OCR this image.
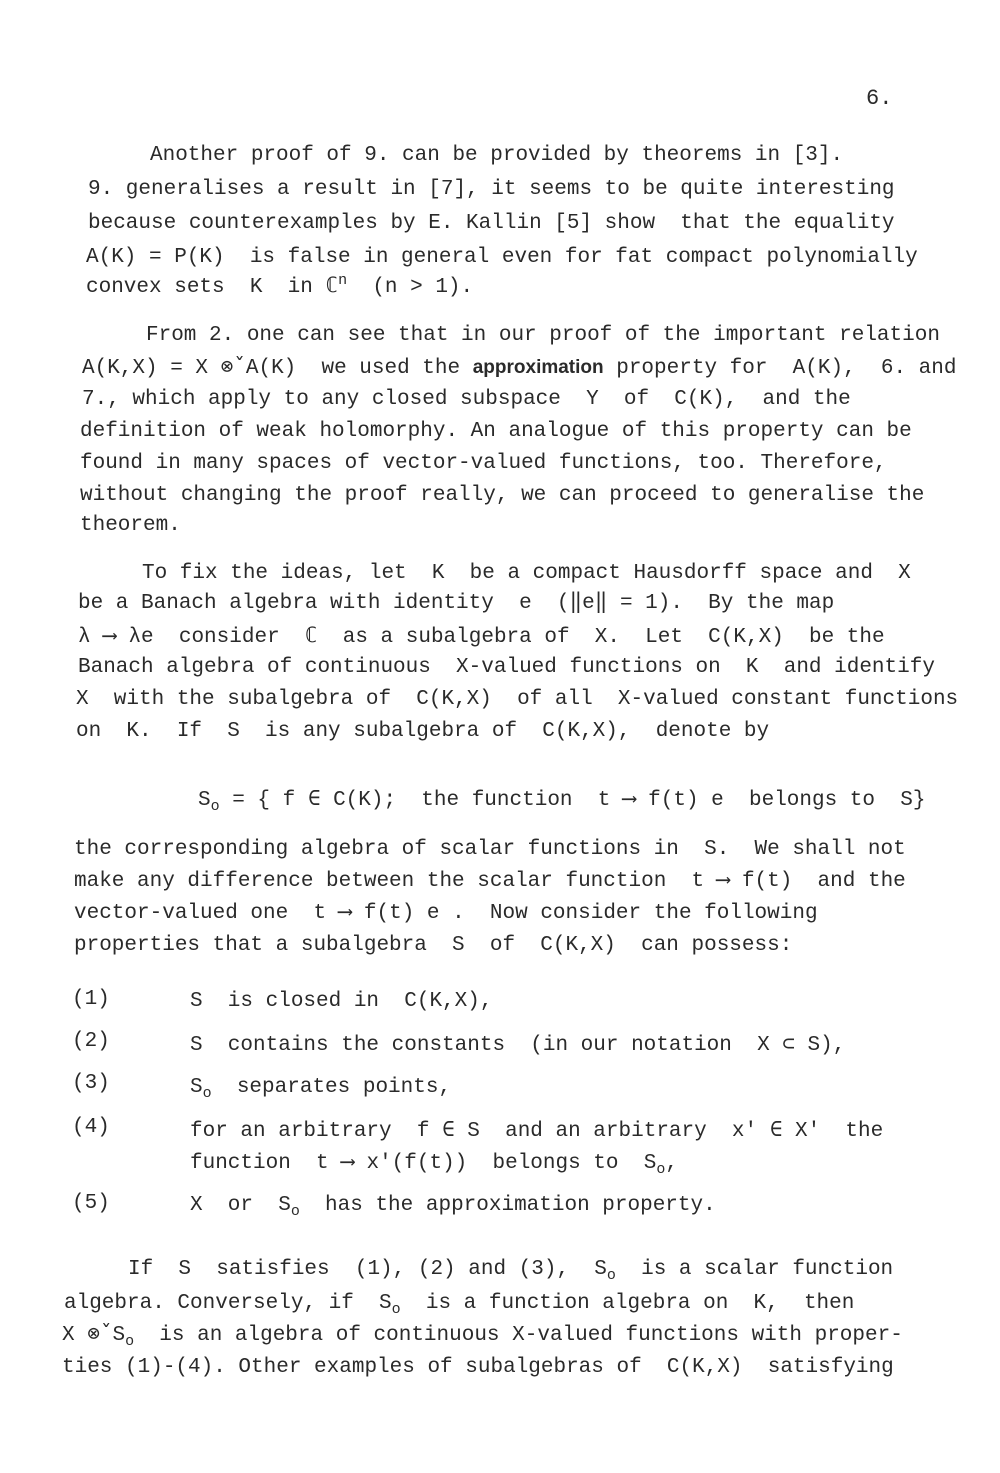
6.
Another proof of 9. can be provided by theorems in [3].
9. generalises a result in [7], it seems to be quite interesting
because counterexamples by E. Kallin [5] show  that the equality
A(K) = P(K)  is false in general even for fat compact polynomially
convex sets  K  in ℂ$^n$  (n > 1).
From 2. one can see that in our proof of the important relation
A(K,X) = X ⊗̌ A(K)  we used the approximation property for  A(K),  6. and
7., which apply to any closed subspace  Y  of  C(K),  and the
definition of weak holomorphy. An analogue of this property can be
found in many spaces of vector-valued functions, too. Therefore,
without changing the proof really, we can proceed to generalise the
theorem.
To fix the ideas, let  K  be a compact Hausdorff space and  X
be a Banach algebra with identity  e  (‖e‖ = 1).  By the map
λ ⟶ λe  consider  ℂ  as a subalgebra of  X.  Let  C(K,X)  be the
Banach algebra of continuous  X-valued functions on  K  and identify
X  with the subalgebra of  C(K,X)  of all  X-valued constant functions
on  K.  If  S  is any subalgebra of  C(K,X),  denote by
$S_o$ = { f ∈ C(K);  the function  t ⟶ f(t) e  belongs to  S}
the corresponding algebra of scalar functions in  S.  We shall not
make any difference between the scalar function  t ⟶ f(t)  and the
vector-valued one  t ⟶ f(t) e .  Now consider the following
properties that a subalgebra  S  of  C(K,X)  can possess:
(1)	S  is closed in  C(K,X),
(2)	S  contains the constants  (in our notation  X ⊂ S),
(3)	$S_o$  separates points,
(4)	for an arbitrary  f ∈ S  and an arbitrary  x' ∈ X'  the
function  t ⟶ x'(f(t))  belongs to  $S_o$,
(5)	X  or  $S_o$  has the approximation property.
If  S  satisfies  (1), (2) and (3),  $S_o$  is a scalar function
algebra. Conversely, if  $S_o$  is a function algebra on  K,  then
X ⊗̌ $S_o$  is an algebra of continuous X-valued functions with proper-
ties (1)-(4). Other examples of subalgebras of  C(K,X)  satisfying
